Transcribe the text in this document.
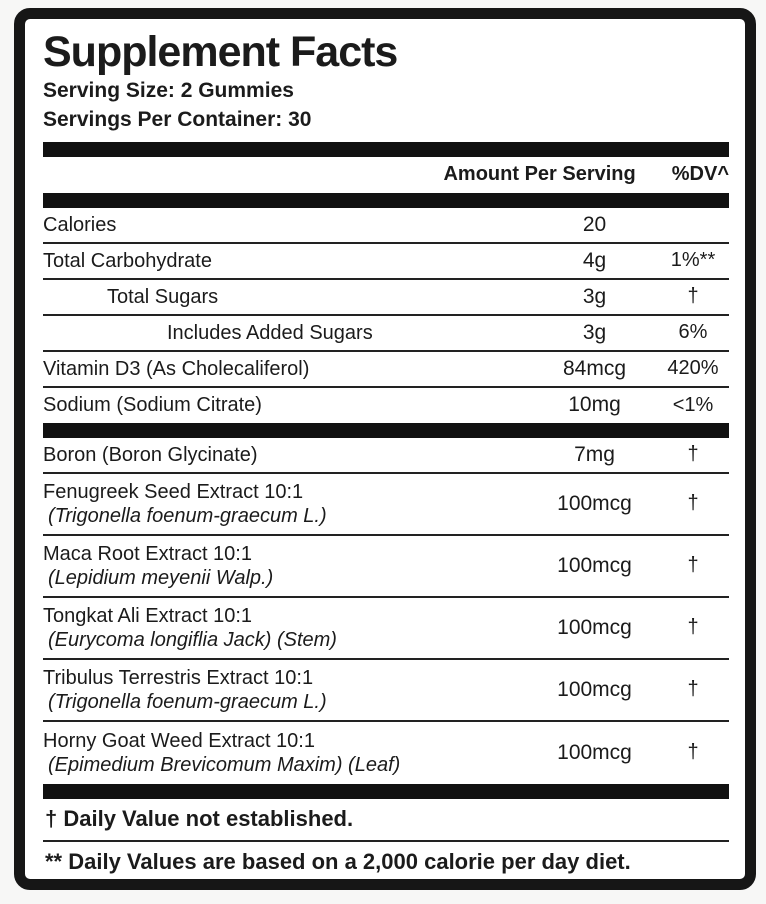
Supplement Facts
Serving Size: 2 Gummies
Servings Per Container: 30
Amount Per Serving %DV^
Calories	20
Total Carbohydrate	4g	1%**
Total Sugars	3g	†
Includes Added Sugars	3g	6%
Vitamin D3 (As Cholecaliferol)	84mcg	420%
Sodium (Sodium Citrate)	10mg	<1%
Boron (Boron Glycinate)	7mg	†
Fenugreek Seed Extract 10:1
(Trigonella foenum-graecum L.)
100mcg	†
Maca Root Extract 10:1
(Lepidium meyenii Walp.)
100mcg	†
Tongkat Ali Extract 10:1
(Eurycoma longiflia Jack) (Stem)
100mcg	†
Tribulus Terrestris Extract 10:1
(Trigonella foenum-graecum L.)
100mcg	†
Horny Goat Weed Extract 10:1
(Epimedium Brevicomum Maxim) (Leaf)
100mcg	†
† Daily Value not established.
** Daily Values are based on a 2,000 calorie per day diet.
